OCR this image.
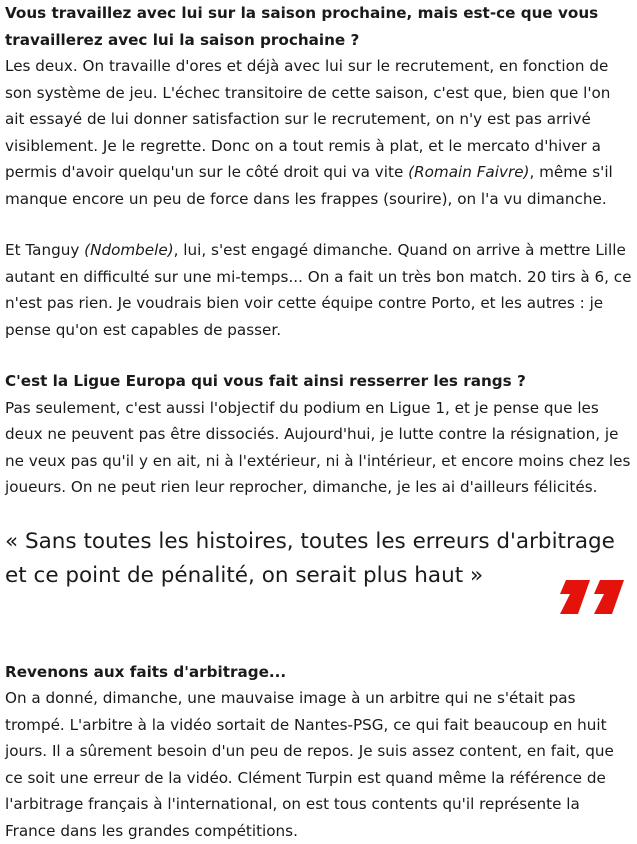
Vous travaillez avec lui sur la saison prochaine, mais est-ce que vous travaillerez avec lui la saison prochaine ?

Les deux. On travaille d'ores et déjà avec lui sur le recrutement, en fonction de son système de jeu. L'échec transitoire de cette saison, c'est que, bien que l'on ait essayé de lui donner satisfaction sur le recrutement, on n'y est pas arrivé visiblement. Je le regrette. Donc on a tout remis à plat, et le mercato d'hiver a permis d'avoir quelqu'un sur le côté droit qui va vite (Romain Faivre), même s'il manque encore un peu de force dans les frappes (sourire), on l'a vu dimanche.

Et Tanguy (Ndombele), lui, s'est engagé dimanche. Quand on arrive à mettre Lille autant en difficulté sur une mi-temps... On a fait un très bon match. 20 tirs à 6, ce n'est pas rien. Je voudrais bien voir cette équipe contre Porto, et les autres : je pense qu'on est capables de passer.

C'est la Ligue Europa qui vous fait ainsi resserrer les rangs ?

Pas seulement, c'est aussi l'objectif du podium en Ligue 1, et je pense que les deux ne peuvent pas être dissociés. Aujourd'hui, je lutte contre la résignation, je ne veux pas qu'il y en ait, ni à l'extérieur, ni à l'intérieur, et encore moins chez les joueurs. On ne peut rien leur reprocher, dimanche, je les ai d'ailleurs félicités.

« Sans toutes les histoires, toutes les erreurs d'arbitrage et ce point de pénalité, on serait plus haut »

Revenons aux faits d'arbitrage...

On a donné, dimanche, une mauvaise image à un arbitre qui ne s'était pas trompé. L'arbitre à la vidéo sortait de Nantes-PSG, ce qui fait beaucoup en huit jours. Il a sûrement besoin d'un peu de repos. Je suis assez content, en fait, que ce soit une erreur de la vidéo. Clément Turpin est quand même la référence de l'arbitrage français à l'international, on est tous contents qu'il représente la France dans les grandes compétitions.
